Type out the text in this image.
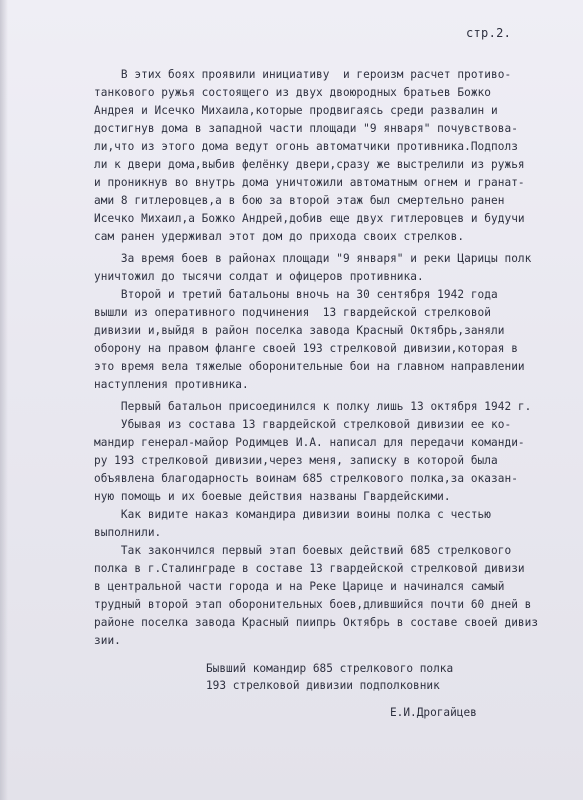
стр.2.
В этих боях проявили инициативу  и героизм расчет противо-
танкового ружья состоящего из двух двоюродных братьев Божко
Андрея и Исечко Михаила,которые продвигаясь среди развалин и
достигнув дома в западной части площади "9 января" почувствова-
ли,что из этого дома ведут огонь автоматчики противника.Подполз
ли к двери дома,выбив фелёнку двери,сразу же выстрелили из ружья
и проникнув во внутрь дома уничтожили автоматным огнем и гранат-
ами 8 гитлеровцев,а в бою за второй этаж был смертельно ранен
Исечко Михаил,а Божко Андрей,добив еще двух гитлеровцев и будучи
сам ранен удерживал этот дом до прихода своих стрелков.
За время боев в районах площади "9 января" и реки Царицы полк
уничтожил до тысячи солдат и офицеров противника.
Второй и третий батальоны вночь на 30 сентября 1942 года
вышли из оперативного подчинения  13 гвардейской стрелковой
дивизии и,выйдя в район поселка завода Красный Октябрь,заняли
оборону на правом фланге своей 193 стрелковой дивизии,которая в
это время вела тяжелые оборонительные бои на главном направлении
наступления противника.
Первый батальон присоединился к полку лишь 13 октября 1942 г.
Убывая из состава 13 гвардейской стрелковой дивизии ее ко-
мандир генерал-майор Родимцев И.А. написал для передачи команди-
ру 193 стрелковой дивизии,через меня, записку в которой была
объявлена благодарность воинам 685 стрелкового полка,за оказан-
ную помощь и их боевые действия названы Гвардейскими.
Как видите наказ командира дивизии воины полка с честью
выполнили.
Так закончился первый этап боевых действий 685 стрелкового
полка в г.Сталинграде в составе 13 гвардейской стрелковой дивизи
в центральной части города и на Реке Царице и начинался самый
трудный второй этап оборонительных боев,длившийся почти 60 дней в
районе поселка завода Красный пиипрь Октябрь в составе своей дивиз
зии.
Бывший командир 685 стрелкового полка
193 стрелковой дивизии подполковник
Е.И.Дрогайцев
